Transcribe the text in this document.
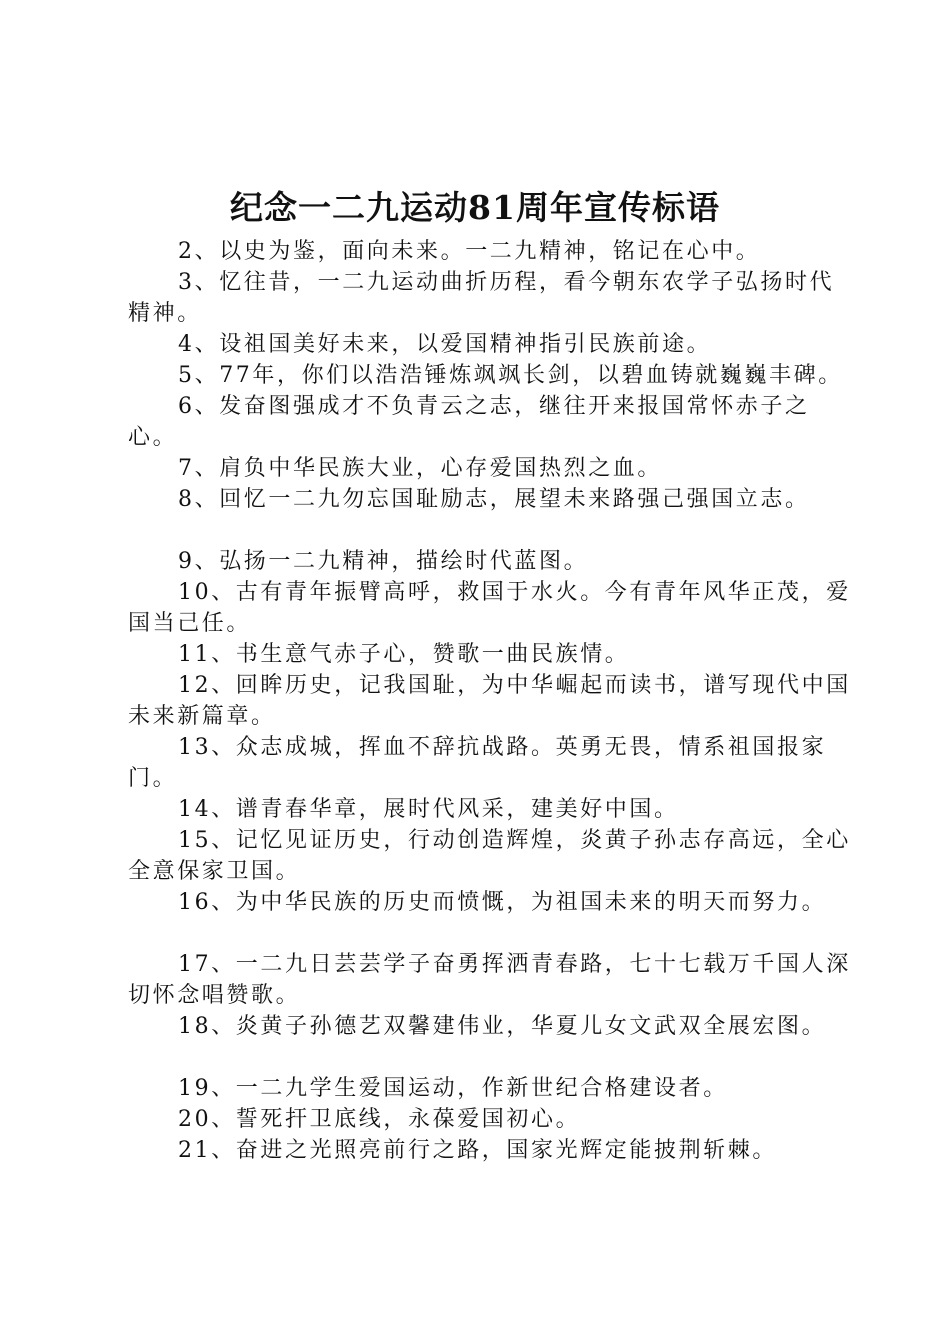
纪念一二九运动81周年宣传标语

2、以史为鉴，面向未来。一二九精神，铭记在心中。

3、忆往昔，一二九运动曲折历程，看今朝东农学子弘扬时代精神。

4、设祖国美好未来，以爱国精神指引民族前途。

5、77年，你们以浩浩锤炼飒飒长剑，以碧血铸就巍巍丰碑。

6、发奋图强成才不负青云之志，继往开来报国常怀赤子之心。

7、肩负中华民族大业，心存爱国热烈之血。

8、回忆一二九勿忘国耻励志，展望未来路强己强国立志。

9、弘扬一二九精神，描绘时代蓝图。

10、古有青年振臂高呼，救国于水火。今有青年风华正茂，爱国当己任。

11、书生意气赤子心，赞歌一曲民族情。

12、回眸历史，记我国耻，为中华崛起而读书，谱写现代中国未来新篇章。

13、众志成城，挥血不辞抗战路。英勇无畏，情系祖国报家门。

14、谱青春华章，展时代风采，建美好中国。

15、记忆见证历史，行动创造辉煌，炎黄子孙志存高远，全心全意保家卫国。

16、为中华民族的历史而愤慨，为祖国未来的明天而努力。

17、一二九日芸芸学子奋勇挥洒青春路，七十七载万千国人深切怀念唱赞歌。

18、炎黄子孙德艺双馨建伟业，华夏儿女文武双全展宏图。

19、一二九学生爱国运动，作新世纪合格建设者。

20、誓死扞卫底线，永葆爱国初心。

21、奋进之光照亮前行之路，国家光辉定能披荆斩棘。
